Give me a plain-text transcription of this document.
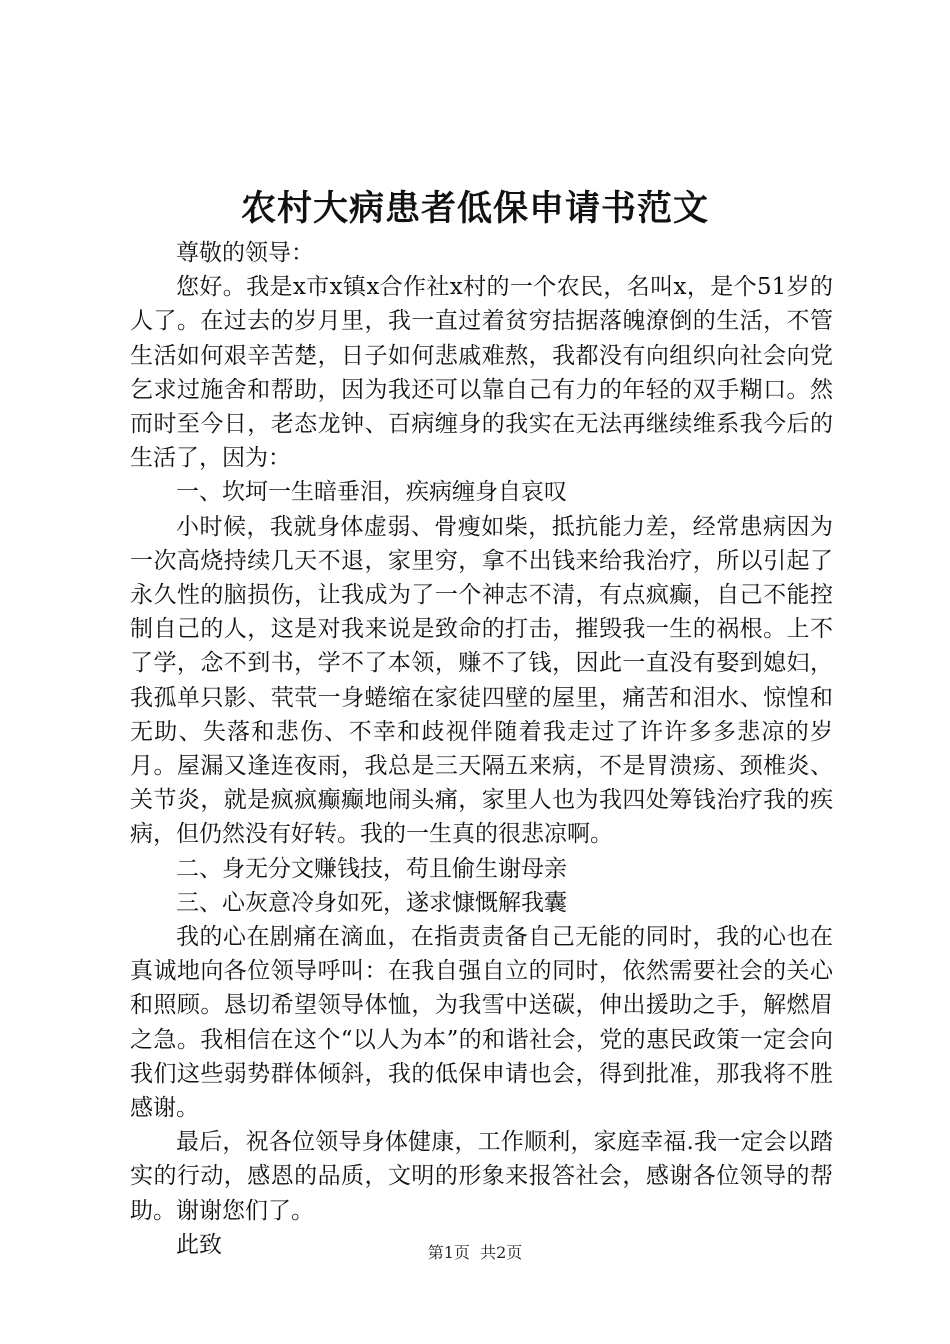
农村大病患者低保申请书范文

尊敬的领导：

您好。我是x市x镇x合作社x村的一个农民，名叫x，是个51岁的人了。在过去的岁月里，我一直过着贫穷拮据落魄潦倒的生活，不管生活如何艰辛苦楚，日子如何悲戚难熬，我都没有向组织向社会向党乞求过施舍和帮助，因为我还可以靠自己有力的年轻的双手糊口。然而时至今日，老态龙钟、百病缠身的我实在无法再继续维系我今后的生活了，因为：

一、坎坷一生暗垂泪，疾病缠身自哀叹

小时候，我就身体虚弱、骨瘦如柴，抵抗能力差，经常患病因为一次高烧持续几天不退，家里穷，拿不出钱来给我治疗，所以引起了永久性的脑损伤，让我成为了一个神志不清，有点疯癫，自己不能控制自己的人，这是对我来说是致命的打击，摧毁我一生的祸根。上不了学，念不到书，学不了本领，赚不了钱，因此一直没有娶到媳妇，我孤单只影、茕茕一身蜷缩在家徒四壁的屋里，痛苦和泪水、惊惶和无助、失落和悲伤、不幸和歧视伴随着我走过了许许多多悲凉的岁月。屋漏又逢连夜雨，我总是三天隔五来病，不是胃溃疡、颈椎炎、关节炎，就是疯疯癫癫地闹头痛，家里人也为我四处筹钱治疗我的疾病，但仍然没有好转。我的一生真的很悲凉啊。

二、身无分文赚钱技，苟且偷生谢母亲

三、心灰意冷身如死，遂求慷慨解我囊

我的心在剧痛在滴血，在指责责备自己无能的同时，我的心也在真诚地向各位领导呼叫：在我自强自立的同时，依然需要社会的关心和照顾。恳切希望领导体恤，为我雪中送碳，伸出援助之手，解燃眉之急。我相信在这个“以人为本”的和谐社会，党的惠民政策一定会向我们这些弱势群体倾斜，我的低保申请也会，得到批准，那我将不胜感谢。

最后，祝各位领导身体健康，工作顺利，家庭幸福.我一定会以踏实的行动，感恩的品质，文明的形象来报答社会，感谢各位领导的帮助。谢谢您们了。

此致	第1页 共2页
